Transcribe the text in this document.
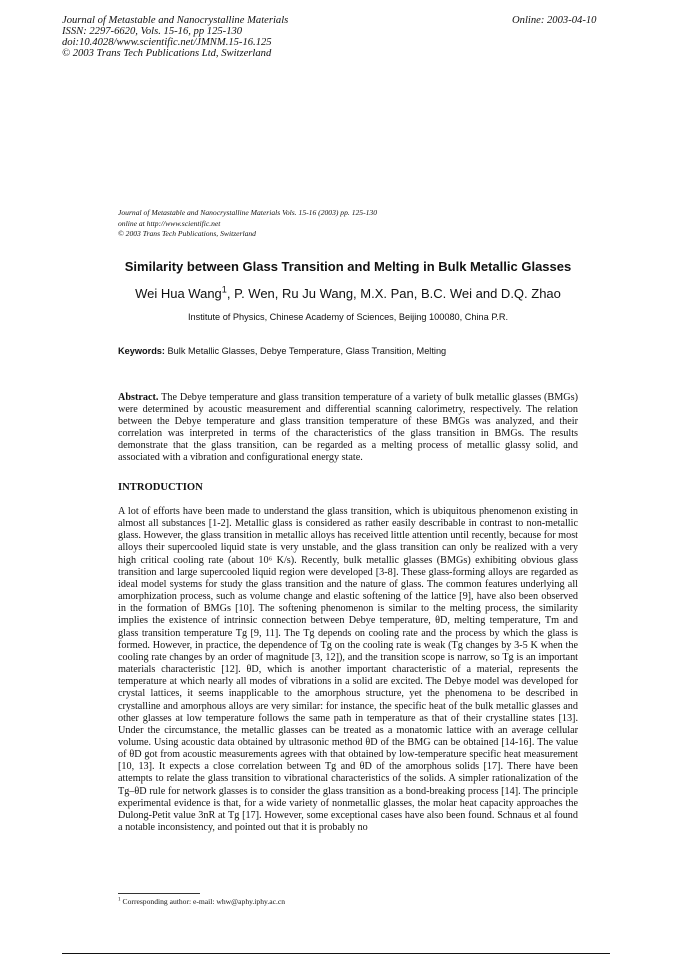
Journal of Metastable and Nanocrystalline Materials
ISSN: 2297-6620, Vols. 15-16, pp 125-130
doi:10.4028/www.scientific.net/JMNM.15-16.125
© 2003 Trans Tech Publications Ltd, Switzerland
Online: 2003-04-10
Journal of Metastable and Nanocrystalline Materials Vols. 15-16 (2003) pp. 125-130
online at http://www.scientific.net
© 2003 Trans Tech Publications, Switzerland
Similarity between Glass Transition and Melting in Bulk Metallic Glasses
Wei Hua Wang$^1$, P. Wen, Ru Ju Wang, M.X. Pan, B.C. Wei and D.Q. Zhao
Institute of Physics, Chinese Academy of Sciences, Beijing 100080, China P.R.
Keywords: Bulk Metallic Glasses, Debye Temperature, Glass Transition, Melting
Abstract. The Debye temperature and glass transition temperature of a variety of bulk metallic glasses (BMGs) were determined by acoustic measurement and differential scanning calorimetry, respectively. The relation between the Debye temperature and glass transition temperature of these BMGs was analyzed, and their correlation was interpreted in terms of the characteristics of the glass transition in BMGs. The results demonstrate that the glass transition, can be regarded as a melting process of metallic glassy solid, and associated with a vibration and configurational energy state.
INTRODUCTION
A lot of efforts have been made to understand the glass transition, which is ubiquitous phenomenon existing in almost all substances [1-2]. Metallic glass is considered as rather easily describable in contrast to non-metallic glass. However, the glass transition in metallic alloys has received little attention until recently, because for most alloys their supercooled liquid state is very unstable, and the glass transition can only be realized with a very high critical cooling rate (about 10⁶ K/s). Recently, bulk metallic glasses (BMGs) exhibiting obvious glass transition and large supercooled liquid region were developed [3-8]. These glass-forming alloys are regarded as ideal model systems for study the glass transition and the nature of glass. The common features underlying all amorphization process, such as volume change and elastic softening of the lattice [9], have also been observed in the formation of BMGs [10]. The softening phenomenon is similar to the melting process, the similarity implies the existence of intrinsic connection between Debye temperature, θD, melting temperature, Tm and glass transition temperature Tg [9, 11]. The Tg depends on cooling rate and the process by which the glass is formed. However, in practice, the dependence of Tg on the cooling rate is weak (Tg changes by 3-5 K when the cooling rate changes by an order of magnitude [3, 12]), and the transition scope is narrow, so Tg is an important materials characteristic [12]. θD, which is another important characteristic of a material, represents the temperature at which nearly all modes of vibrations in a solid are excited. The Debye model was developed for crystal lattices, it seems inapplicable to the amorphous structure, yet the phenomena to be described in crystalline and amorphous alloys are very similar: for instance, the specific heat of the bulk metallic glasses and other glasses at low temperature follows the same path in temperature as that of their crystalline states [13]. Under the circumstance, the metallic glasses can be treated as a monatomic lattice with an average cellular volume. Using acoustic data obtained by ultrasonic method θD of the BMG can be obtained [14-16]. The value of θD got from acoustic measurements agrees with that obtained by low-temperature specific heat measurement [10, 13]. It expects a close correlation between Tg and θD of the amorphous solids [17]. There have been attempts to relate the glass transition to vibrational characteristics of the solids. A simpler rationalization of the Tg–θD rule for network glasses is to consider the glass transition as a bond-breaking process [14]. The principle experimental evidence is that, for a wide variety of nonmetallic glasses, the molar heat capacity approaches the Dulong-Petit value 3nR at Tg [17]. However, some exceptional cases have also been found. Schnaus et al found a notable inconsistency, and pointed out that it is probably no
$^1$ Corresponding author: e-mail: whw@aphy.iphy.ac.cn
